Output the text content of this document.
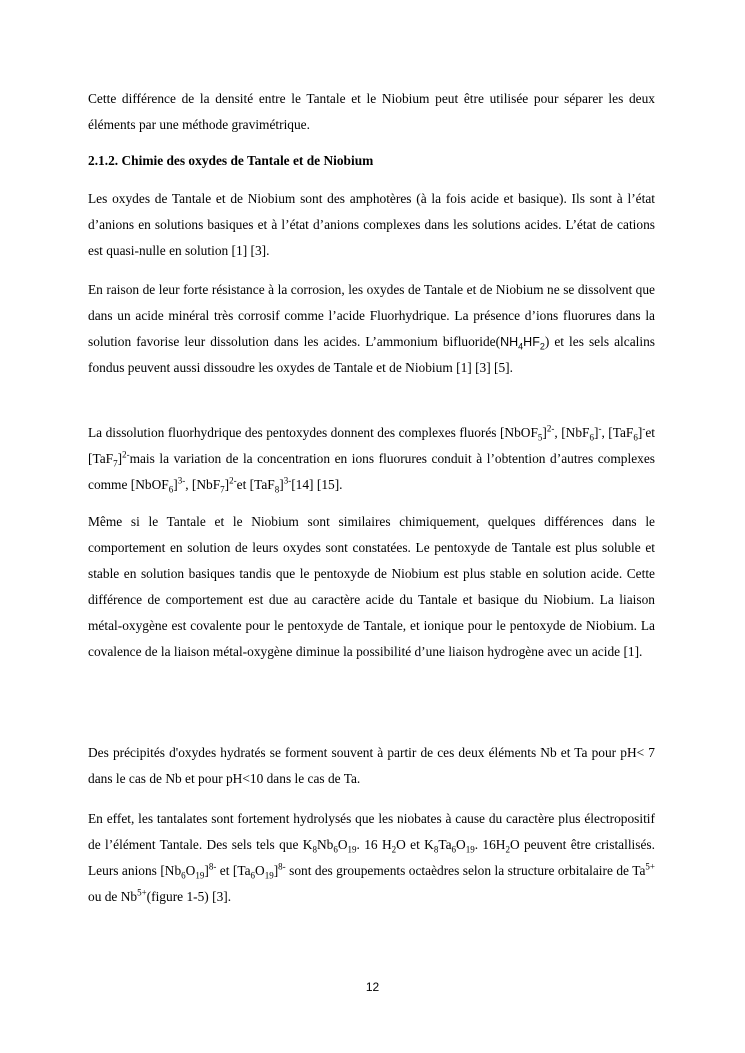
Cette différence de la densité entre le Tantale et le Niobium peut être utilisée pour séparer les deux éléments par une méthode gravimétrique.

2.1.2. Chimie des oxydes de Tantale et de Niobium

Les oxydes de Tantale et de Niobium sont des amphotères (à la fois acide et basique). Ils sont à l’état d’anions en solutions basiques et à l’état d’anions complexes dans les solutions acides. L’état de cations est quasi-nulle en solution [1] [3].

En raison de leur forte résistance à la corrosion, les oxydes de Tantale et de Niobium ne se dissolvent que dans un acide minéral très corrosif comme l’acide Fluorhydrique. La présence d’ions fluorures dans la solution favorise leur dissolution dans les acides. L’ammonium $bifluoride(NH_4HF_2)$ et les sels alcalins fondus peuvent aussi dissoudre les oxydes de Tantale et de Niobium [1] [3] [5].

La dissolution fluorhydrique des pentoxydes donnent des complexes fluorés [NbOF$_5$]$^{2-}$, [NbF$_6$]-, [TaF$_6$]-et $[TaF_7]^{2-}mais$ la variation de la concentration en ions fluorures conduit à l’obtention d’autres complexes comme [NbOF$_6$]$^{3-}$, $[NbF_7]^{2-}et$ $[TaF_8]^{3-}[14]$ [15].

Même si le Tantale et le Niobium sont similaires chimiquement, quelques différences dans le comportement en solution de leurs oxydes sont constatées. Le pentoxyde de Tantale est plus soluble et stable en solution basiques tandis que le pentoxyde de Niobium est plus stable en solution acide. Cette différence de comportement est due au caractère acide du Tantale et basique du Niobium. La liaison métal-oxygène est covalente pour le pentoxyde de Tantale, et ionique pour le pentoxyde de Niobium. La covalence de la liaison métal-oxygène diminue la possibilité d’une liaison hydrogène avec un acide [1].

Des précipités d'oxydes hydratés se forment souvent à partir de ces deux éléments Nb et Ta pour pH< 7 dans le cas de Nb et pour pH<10 dans le cas de Ta.

En effet, les tantalates sont fortement hydrolysés que les niobates à cause du caractère plus électropositif de l’élément Tantale. Des sels tels que $K_8Nb_6O_{19}$. 16 $H_2O$ et $K_8Ta_6O_{19}$. $16H_2O$ peuvent être cristallisés. Leurs anions $[Nb_6O_{19}]^{8-}$ et $[Ta_6O_{19}]^{8-}$ sont des groupements octaèdres selon la structure orbitalaire de $Ta^{5+}$ ou de $Nb^{5+}(figure$ 1-5) [3].

12
